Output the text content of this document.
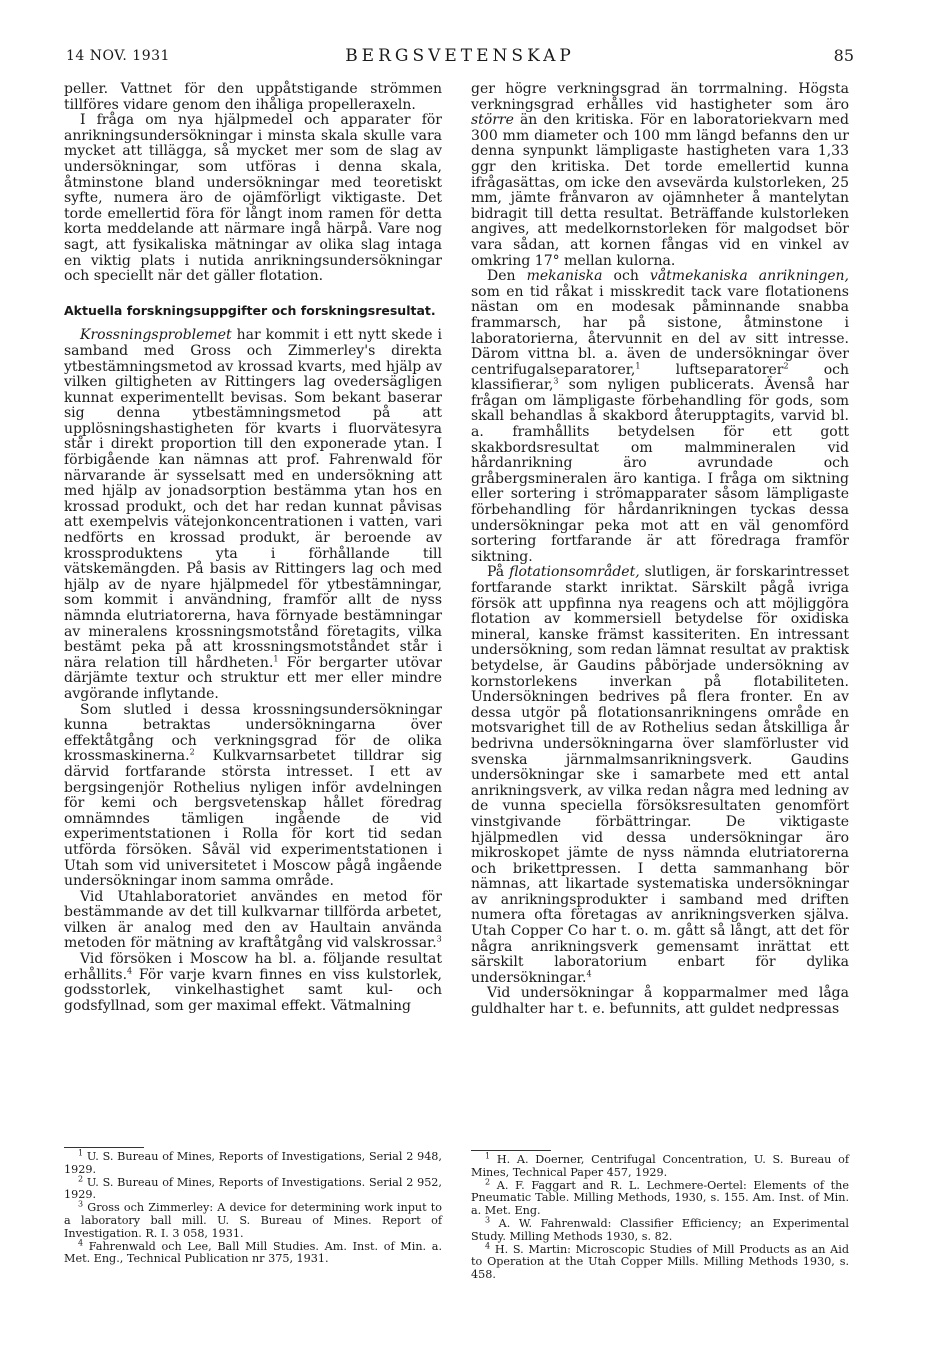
14 NOV. 1931	BERGSVETENSKAP	85

peller. Vattnet för den uppåtstigande strömmen tillföres vidare genom den ihåliga propelleraxeln.

I fråga om nya hjälpmedel och apparater för anrikningsundersökningar i minsta skala skulle vara mycket att tillägga, så mycket mer som de slag av undersökningar, som utföras i denna skala, åtminstone bland undersökningar med teoretiskt syfte, numera äro de ojämförligt viktigaste. Det torde emellertid föra för långt inom ramen för detta korta meddelande att närmare ingå härpå. Vare nog sagt, att fysikaliska mätningar av olika slag intaga en viktig plats i nutida anrikningsundersökningar och speciellt när det gäller flotation.

Aktuella forskningsuppgifter och forskningsresultat.

Krossningsproblemet har kommit i ett nytt skede i samband med Gross och Zimmerley's direkta ytbestämningsmetod av krossad kvarts, med hjälp av vilken giltigheten av Rittingers lag ovedersägligen kunnat experimentellt bevisas. Som bekant baserar sig denna ytbestämningsmetod på att upplösningshastigheten för kvarts i fluorvätesyra står i direkt proportion till den exponerade ytan. I förbigående kan nämnas att prof. Fahrenwald för närvarande är sysselsatt med en undersökning att med hjälp av jonadsorption bestämma ytan hos en krossad produkt, och det har redan kunnat påvisas att exempelvis vätejonkoncentrationen i vatten, vari nedförts en krossad produkt, är beroende av krossproduktens yta i förhållande till vätskemängden. På basis av Rittingers lag och med hjälp av de nyare hjälpmedel för ytbestämningar, som kommit i användning, framför allt de nyss nämnda elutriatorerna, hava förnyade bestämningar av mineralens krossningsmotstånd företagits, vilka bestämt peka på att krossningsmotståndet står i nära relation till hårdheten.$^1$ För bergarter utövar därjämte textur och struktur ett mer eller mindre avgörande inflytande.

Som slutled i dessa krossningsundersökningar kunna betraktas undersökningarna över effektåtgång och verkningsgrad för de olika krossmaskinerna.$^2$ Kulkvarnsarbetet tilldrar sig därvid fortfarande största intresset. I ett av bergsingenjör Rothelius nyligen inför avdelningen för kemi och bergsvetenskap hållet föredrag omnämndes tämligen ingående de vid experimentstationen i Rolla för kort tid sedan utförda försöken. Såväl vid experimentstationen i Utah som vid universitetet i Moscow pågå ingående undersökningar inom samma område.

Vid Utahlaboratoriet användes en metod för bestämmande av det till kulkvarnar tillförda arbetet, vilken är analog med den av Haultain använda metoden för mätning av kraftåtgång vid valskrossar.$^3$

Vid försöken i Moscow ha bl. a. följande resultat erhållits.$^4$ För varje kvarn finnes en viss kulstorlek, godsstorlek, vinkelhastighet samt kul- och godsfyllnad, som ger maximal effekt. Vätmalning

$^1$ U. S. Bureau of Mines, Reports of Investigations, Serial 2 948, 1929.

$^2$ U. S. Bureau of Mines, Reports of Investigations. Serial 2 952, 1929.

$^3$ Gross och Zimmerley: A device for determining work input to a laboratory ball mill. U. S. Bureau of Mines. Report of Investigation. R. I. 3 058, 1931.

$^4$ Fahrenwald och Lee, Ball Mill Studies. Am. Inst. of Min. a. Met. Eng., Technical Publication nr 375, 1931.

ger högre verkningsgrad än torrmalning. Högsta verkningsgrad erhålles vid hastigheter som äro större än den kritiska. För en laboratoriekvarn med 300 mm diameter och 100 mm längd befanns den ur denna synpunkt lämpligaste hastigheten vara 1,33 ggr den kritiska. Det torde emellertid kunna ifrågasättas, om icke den avsevärda kulstorleken, 25 mm, jämte frånvaron av ojämnheter å mantelytan bidragit till detta resultat. Beträffande kulstorleken angives, att medelkornstorleken för malgodset bör vara sådan, att kornen fångas vid en vinkel av omkring 17° mellan kulorna.

Den mekaniska och våtmekaniska anrikningen, som en tid råkat i misskredit tack vare flotationens nästan om en modesak påminnande snabba frammarsch, har på sistone, åtminstone i laboratorierna, återvunnit en del av sitt intresse. Därom vittna bl. a. även de undersökningar över centrifugalseparatorer,$^1$ luftseparatorer$^2$ och klassifierar,$^3$ som nyligen publicerats. Ävenså har frågan om lämpligaste förbehandling för gods, som skall behandlas å skakbord återupptagits, varvid bl. a. framhållits betydelsen för ett gott skakbordsresultat om malmmineralen vid hårdanrikning äro avrundade och gråbergsmineralen äro kantiga. I fråga om siktning eller sortering i strömapparater såsom lämpligaste förbehandling för hårdanrikningen tyckas dessa undersökningar peka mot att en väl genomförd sortering fortfarande är att föredraga framför siktning.

På flotationsområdet, slutligen, är forskarintresset fortfarande starkt inriktat. Särskilt pågå ivriga försök att uppfinna nya reagens och att möjliggöra flotation av kommersiell betydelse för oxidiska mineral, kanske främst kassiteriten. En intressant undersökning, som redan lämnat resultat av praktisk betydelse, är Gaudins påbörjade undersökning av kornstorlekens inverkan på flotabiliteten. Undersökningen bedrives på flera fronter. En av dessa utgör på flotationsanrikningens område en motsvarighet till de av Rothelius sedan åtskilliga år bedrivna undersökningarna över slamförluster vid svenska järnmalmsanrikningsverk. Gaudins undersökningar ske i samarbete med ett antal anrikningsverk, av vilka redan några med ledning av de vunna speciella försöksresultaten genomfört vinstgivande förbättringar. De viktigaste hjälpmedlen vid dessa undersökningar äro mikroskopet jämte de nyss nämnda elutriatorerna och brikettpressen. I detta sammanhang bör nämnas, att likartade systematiska undersökningar av anrikningsprodukter i samband med driften numera ofta företagas av anrikningsverken själva. Utah Copper Co har t. o. m. gått så långt, att det för några anrikningsverk gemensamt inrättat ett särskilt laboratorium enbart för dylika undersökningar.$^4$

Vid undersökningar å kopparmalmer med låga guldhalter har t. e. befunnits, att guldet nedpressas

$^1$ H. A. Doerner, Centrifugal Concentration, U. S. Bureau of Mines, Technical Paper 457, 1929.

$^2$ A. F. Faggart and R. L. Lechmere-Oertel: Elements of the Pneumatic Table. Milling Methods, 1930, s. 155. Am. Inst. of Min. a. Met. Eng.

$^3$ A. W. Fahrenwald: Classifier Efficiency; an Experimental Study. Milling Methods 1930, s. 82.

$^4$ H. S. Martin: Microscopic Studies of Mill Products as an Aid to Operation at the Utah Copper Mills. Milling Methods 1930, s. 458.
